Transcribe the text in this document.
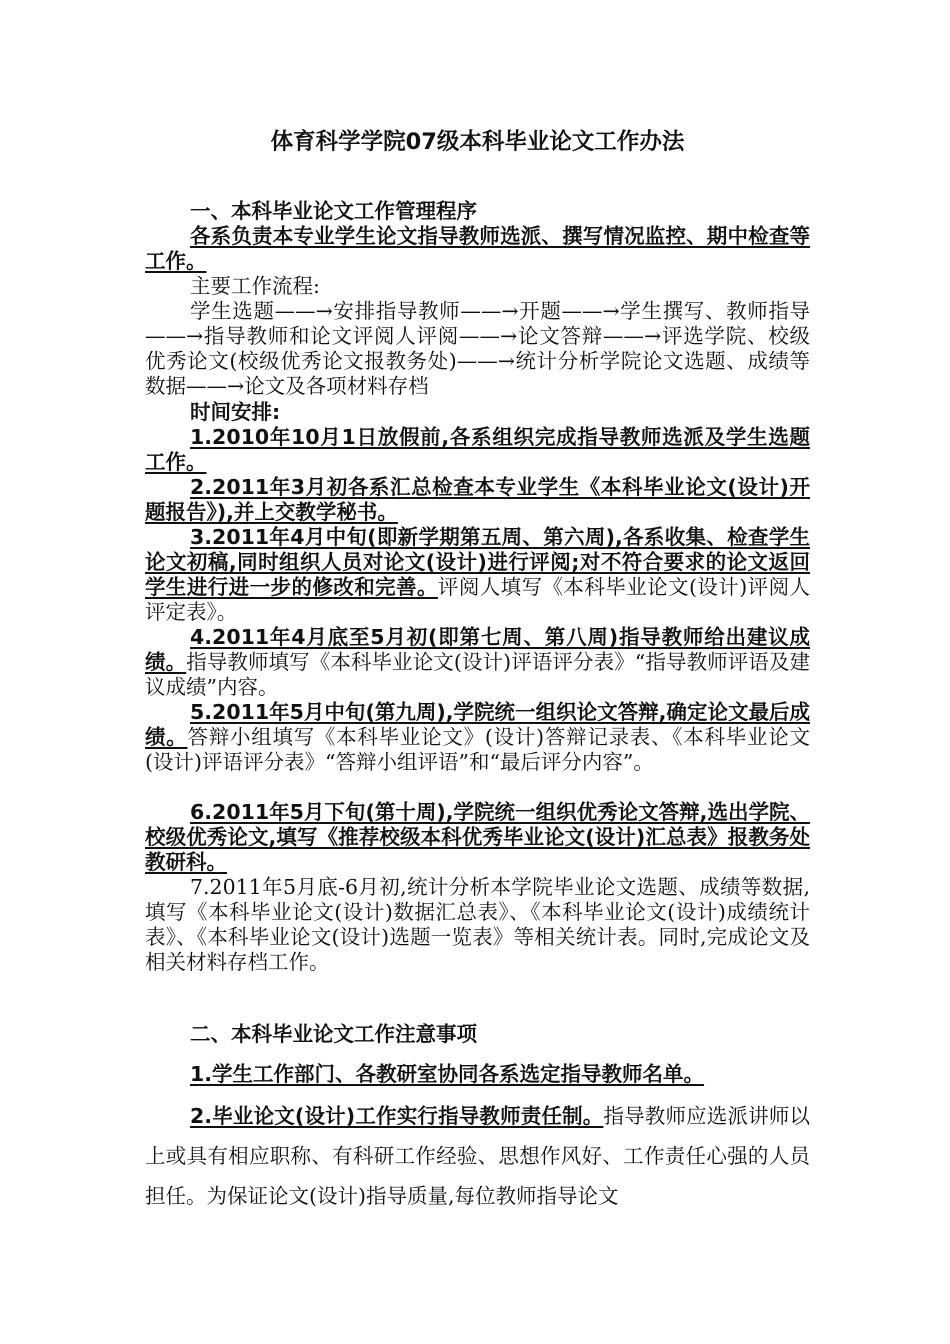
体育科学学院07级本科毕业论文工作办法
一、本科毕业论文工作管理程序
各系负责本专业学生论文指导教师选派、撰写情况监控、期中检查等工作。
主要工作流程:
学生选题——→安排指导教师——→开题——→学生撰写、教师指导——→指导教师和论文评阅人评阅——→论文答辩——→评选学院、校级优秀论文(校级优秀论文报教务处)——→统计分析学院论文选题、成绩等数据——→论文及各项材料存档
时间安排:
1.2010年10月1日放假前,各系组织完成指导教师选派及学生选题工作。
2.2011年3月初各系汇总检查本专业学生《本科毕业论文(设计)开题报告》),并上交教学秘书。
3.2011年4月中旬(即新学期第五周、第六周),各系收集、检查学生论文初稿,同时组织人员对论文(设计)进行评阅;对不符合要求的论文返回学生进行进一步的修改和完善。评阅人填写《本科毕业论文(设计)评阅人评定表》。
4.2011年4月底至5月初(即第七周、第八周)指导教师给出建议成绩。指导教师填写《本科毕业论文(设计)评语评分表》“指导教师评语及建议成绩”内容。
5.2011年5月中旬(第九周),学院统一组织论文答辩,确定论文最后成绩。答辩小组填写《本科毕业论文》(设计)答辩记录表、《本科毕业论文(设计)评语评分表》“答辩小组评语”和“最后评分内容”。
6.2011年5月下旬(第十周),学院统一组织优秀论文答辩,选出学院、校级优秀论文,填写《推荐校级本科优秀毕业论文(设计)汇总表》报教务处教研科。
7.2011年5月底-6月初,统计分析本学院毕业论文选题、成绩等数据,填写《本科毕业论文(设计)数据汇总表》、《本科毕业论文(设计)成绩统计表》、《本科毕业论文(设计)选题一览表》等相关统计表。同时,完成论文及相关材料存档工作。
二、本科毕业论文工作注意事项
1.学生工作部门、各教研室协同各系选定指导教师名单。
2.毕业论文(设计)工作实行指导教师责任制。指导教师应选派讲师以上或具有相应职称、有科研工作经验、思想作风好、工作责任心强的人员担任。为保证论文(设计)指导质量,每位教师指导论文
